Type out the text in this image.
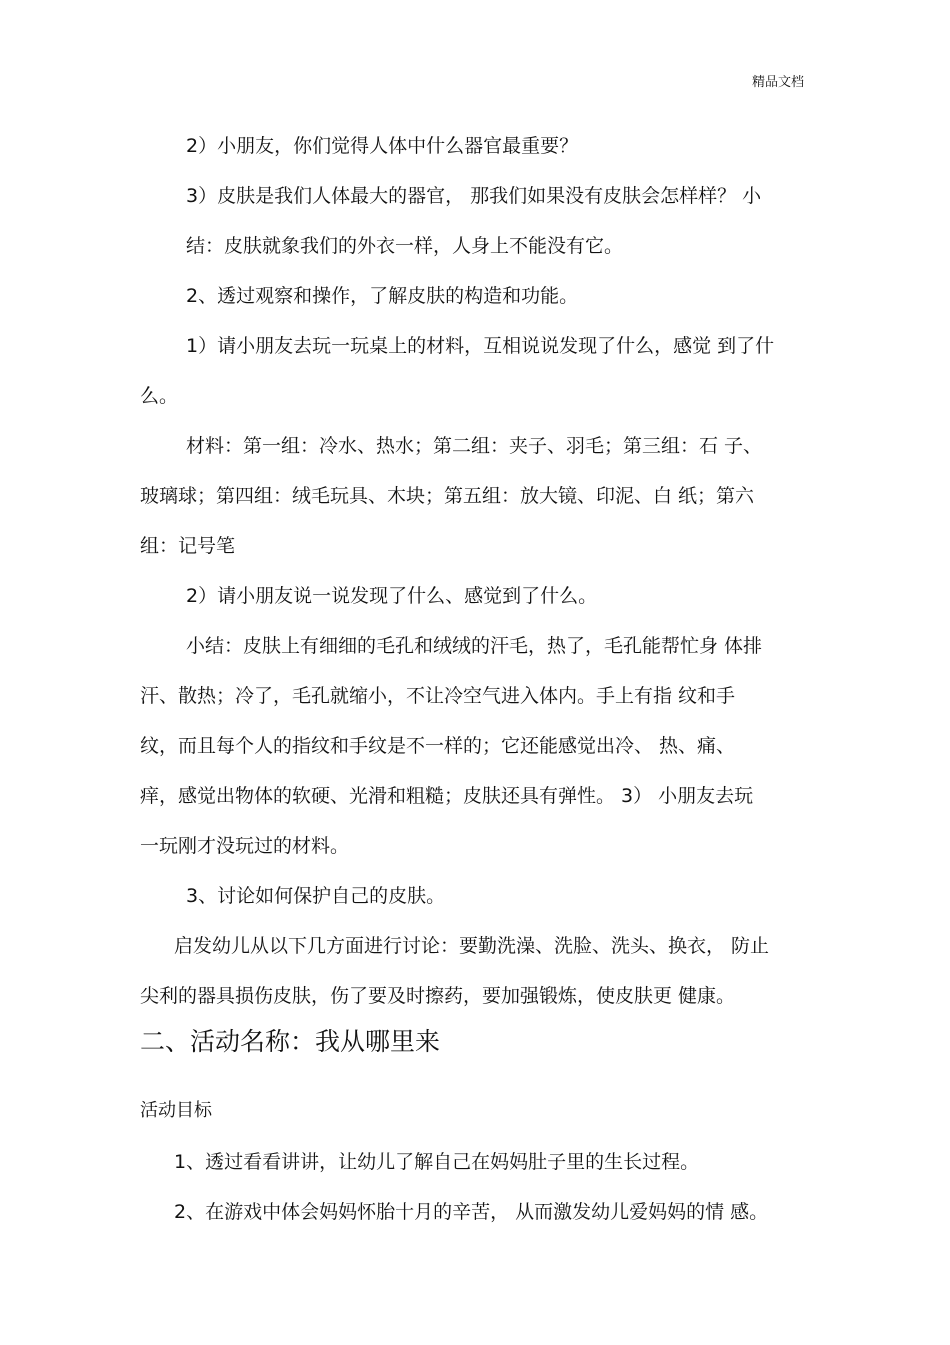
精品文档
2）小朋友，你们觉得人体中什么器官最重要？
3）皮肤是我们人体最大的器官， 那我们如果没有皮肤会怎样样？ 小
结：皮肤就象我们的外衣一样，人身上不能没有它。
2、透过观察和操作，了解皮肤的构造和功能。
1）请小朋友去玩一玩桌上的材料，互相说说发现了什么，感觉 到了什
么。
材料：第一组：冷水、热水；第二组：夹子、羽毛；第三组：石 子、
玻璃球；第四组：绒毛玩具、木块；第五组：放大镜、印泥、白 纸；第六
组：记号笔
2）请小朋友说一说发现了什么、感觉到了什么。
小结：皮肤上有细细的毛孔和绒绒的汗毛，热了，毛孔能帮忙身 体排
汗、散热；冷了，毛孔就缩小，不让冷空气进入体内。手上有指 纹和手
纹，而且每个人的指纹和手纹是不一样的；它还能感觉出冷、 热、痛、
痒，感觉出物体的软硬、光滑和粗糙；皮肤还具有弹性。 3） 小朋友去玩
一玩刚才没玩过的材料。
3、讨论如何保护自己的皮肤。
启发幼儿从以下几方面进行讨论：要勤洗澡、洗脸、洗头、换衣， 防止
尖利的器具损伤皮肤，伤了要及时擦药，要加强锻炼，使皮肤更 健康。
二、活动名称：我从哪里来
活动目标
1、透过看看讲讲，让幼儿了解自己在妈妈肚子里的生长过程。
2、在游戏中体会妈妈怀胎十月的辛苦， 从而激发幼儿爱妈妈的情 感。
